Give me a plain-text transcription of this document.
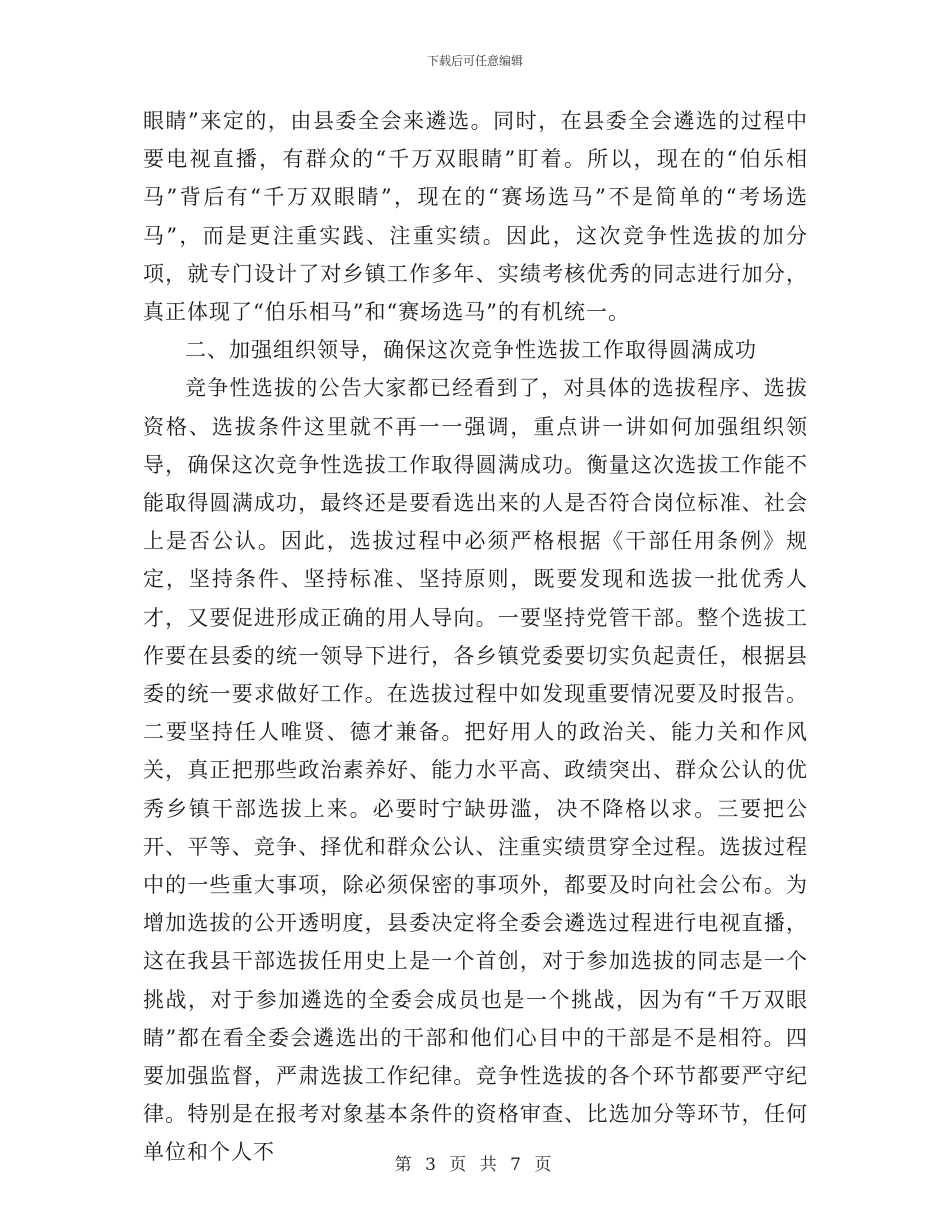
下载后可任意编辑

眼睛”来定的，由县委全会来遴选。同时，在县委全会遴选的过程中要电视直播，有群众的“千万双眼睛”盯着。所以，现在的“伯乐相马”背后有“千万双眼睛”，现在的“赛场选马”不是简单的“考场选马”，而是更注重实践、注重实绩。因此，这次竞争性选拔的加分项，就专门设计了对乡镇工作多年、实绩考核优秀的同志进行加分，真正体现了“伯乐相马”和“赛场选马”的有机统一。

二、加强组织领导，确保这次竞争性选拔工作取得圆满成功

竞争性选拔的公告大家都已经看到了，对具体的选拔程序、选拔资格、选拔条件这里就不再一一强调，重点讲一讲如何加强组织领导，确保这次竞争性选拔工作取得圆满成功。衡量这次选拔工作能不能取得圆满成功，最终还是要看选出来的人是否符合岗位标准、社会上是否公认。因此，选拔过程中必须严格根据《干部任用条例》规定，坚持条件、坚持标准、坚持原则，既要发现和选拔一批优秀人才，又要促进形成正确的用人导向。一要坚持党管干部。整个选拔工作要在县委的统一领导下进行，各乡镇党委要切实负起责任，根据县委的统一要求做好工作。在选拔过程中如发现重要情况要及时报告。二要坚持任人唯贤、德才兼备。把好用人的政治关、能力关和作风关，真正把那些政治素养好、能力水平高、政绩突出、群众公认的优秀乡镇干部选拔上来。必要时宁缺毋滥，决不降格以求。三要把公开、平等、竞争、择优和群众公认、注重实绩贯穿全过程。选拔过程中的一些重大事项，除必须保密的事项外，都要及时向社会公布。为增加选拔的公开透明度，县委决定将全委会遴选过程进行电视直播，这在我县干部选拔任用史上是一个首创，对于参加选拔的同志是一个挑战，对于参加遴选的全委会成员也是一个挑战，因为有“千万双眼睛”都在看全委会遴选出的干部和他们心目中的干部是不是相符。四要加强监督，严肃选拔工作纪律。竞争性选拔的各个环节都要严守纪律。特别是在报考对象基本条件的资格审查、比选加分等环节，任何单位和个人不

第 3 页 共 7 页
